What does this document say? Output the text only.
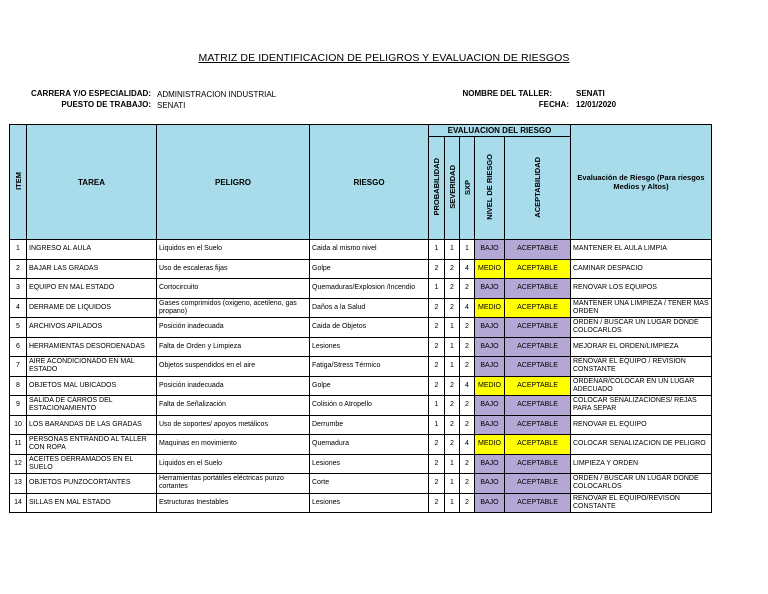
MATRIZ DE IDENTIFICACION DE PELIGROS Y EVALUACION DE RIESGOS
CARRERA Y/O ESPECIALIDAD: ADMINISTRACION INDUSTRIAL
PUESTO DE TRABAJO: SENATI
NOMBRE DEL TALLER:	SENATI
FECHA: 12/01/2020
ITEM	TAREA	PELIGRO	RIESGO	EVALUACION DEL RIESGO					Evaluación de Riesgo (Para riesgos Medios y Altos)
				PROBABILIDAD	SEVERIDAD	SXP	NIVEL DE RIESGO	ACEPTABILIDAD	
1	INGRESO AL AULA	Liquidos en el Suelo	Caida al mismo nivel	1	1	1	BAJO	ACEPTABLE	MANTENER EL AULA LIMPIA
2	BAJAR LAS GRADAS	Uso de escaleras fijas	Golpe	2	2	4	MEDIO	ACEPTABLE	CAMINAR DESPACIO
3	EQUIPO EN MAL ESTADO	Cortocircuito	Quemaduras/Explosion /Incendio	1	2	2	BAJO	ACEPTABLE	RENOVAR LOS EQUIPOS
4	DERRAME DE LIQUIDOS	Gases comprimidos (oxigeno, acetileno, gas propano)	Daños a la Salud	2	2	4	MEDIO	ACEPTABLE	MANTENER UNA LIMPIEZA / TENER MAS ORDEN
5	ARCHIVOS APILADOS	Posición inadecuada	Caida de Objetos	2	1	2	BAJO	ACEPTABLE	ORDEN / BUSCAR UN LUGAR DONDE COLOCARLOS
6	HERRAMIENTAS DESORDENADAS	Falta de Orden y Limpieza	Lesiones	2	1	2	BAJO	ACEPTABLE	MEJORAR EL ORDEN/LIMPIEZA
7	AIRE ACONDICIONADO EN MAL ESTADO	Objetos suspendidos en el aire	Fatiga/Stress Térmico	2	1	2	BAJO	ACEPTABLE	RENOVAR EL EQUIPO / REVISION CONSTANTE
8	OBJETOS MAL UBICADOS	Posición inadecuada	Golpe	2	2	4	MEDIO	ACEPTABLE	ORDENAR/COLOCAR EN UN LUGAR ADECUADO
9	SALIDA DE CARROS DEL ESTACIONAMIENTO	Falta de Señalización	Colisión o Atropello	1	2	2	BAJO	ACEPTABLE	COLOCAR SENALIZACIONES/ REJAS PARA SEPAR
10	LOS BARANDAS DE LAS GRADAS	Uso de soportes/ apoyos metálicos	Derrumbe	1	2	2	BAJO	ACEPTABLE	RENOVAR EL EQUIPO
11	PERSONAS ENTRANDO AL TALLER CON ROPA	Maquinas en movimiento	Quemadura	2	2	4	MEDIO	ACEPTABLE	COLOCAR SENALIZACION DE PELIGRO
12	ACEITES DERRAMADOS EN EL SUELO	Liquidos en el Suelo	Lesiones	2	1	2	BAJO	ACEPTABLE	LIMPIEZA Y ORDEN
13	OBJETOS PUNZOCORTANTES	Herramientas portátiles eléctricas punzo cortantes	Corte	2	1	2	BAJO	ACEPTABLE	ORDEN / BUSCAR UN LUGAR DONDE COLOCARLOS
14	SILLAS EN MAL ESTADO	Estructuras Inestables	Lesiones	2	1	2	BAJO	ACEPTABLE	RENOVAR EL EQUIPO/REVISON CONSTANTE
